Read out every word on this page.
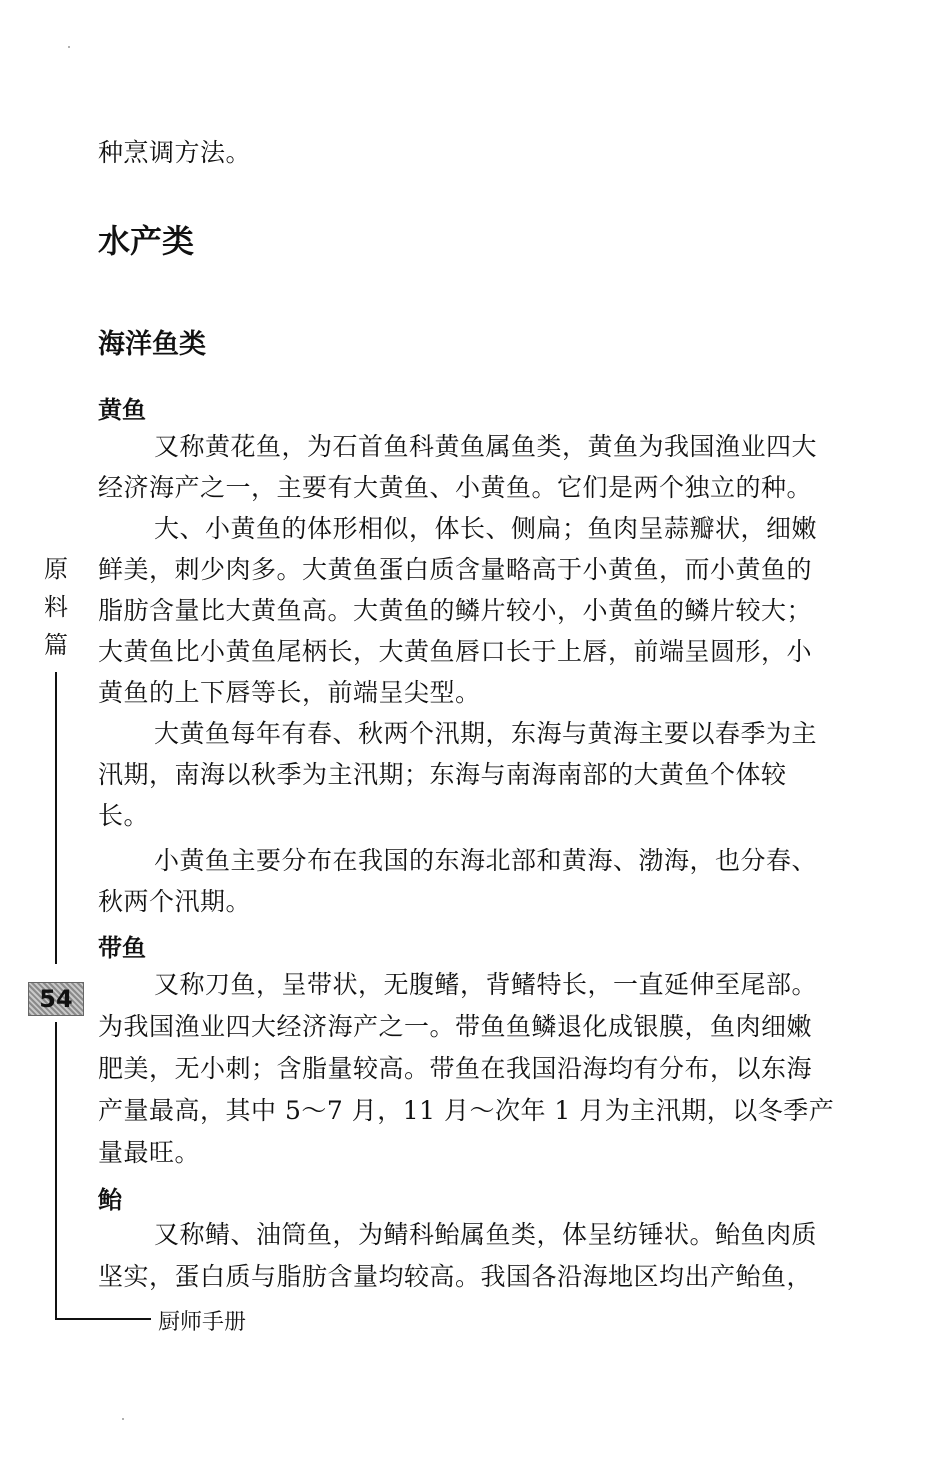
种烹调方法。
水产类
海洋鱼类
黄鱼
又称黄花鱼，为石首鱼科黄鱼属鱼类，黄鱼为我国渔业四大
经济海产之一，主要有大黄鱼、小黄鱼。它们是两个独立的种。
大、小黄鱼的体形相似，体长、侧扁；鱼肉呈蒜瓣状，细嫩
鲜美，刺少肉多。大黄鱼蛋白质含量略高于小黄鱼，而小黄鱼的
脂肪含量比大黄鱼高。大黄鱼的鳞片较小，小黄鱼的鳞片较大；
大黄鱼比小黄鱼尾柄长，大黄鱼唇口长于上唇，前端呈圆形，小
黄鱼的上下唇等长，前端呈尖型。
大黄鱼每年有春、秋两个汛期，东海与黄海主要以春季为主
汛期，南海以秋季为主汛期；东海与南海南部的大黄鱼个体较
长。
小黄鱼主要分布在我国的东海北部和黄海、渤海，也分春、
秋两个汛期。
带鱼
又称刀鱼，呈带状，无腹鳍，背鳍特长，一直延伸至尾部。
为我国渔业四大经济海产之一。带鱼鱼鳞退化成银膜，鱼肉细嫩
肥美，无小刺；含脂量较高。带鱼在我国沿海均有分布，以东海
产量最高，其中 5～7 月，11 月～次年 1 月为主汛期，以冬季产
量最旺。
鲐
又称鲭、油筒鱼，为鲭科鲐属鱼类，体呈纺锤状。鲐鱼肉质
坚实，蛋白质与脂肪含量均较高。我国各沿海地区均出产鲐鱼，
原
料
篇
54
厨师手册
